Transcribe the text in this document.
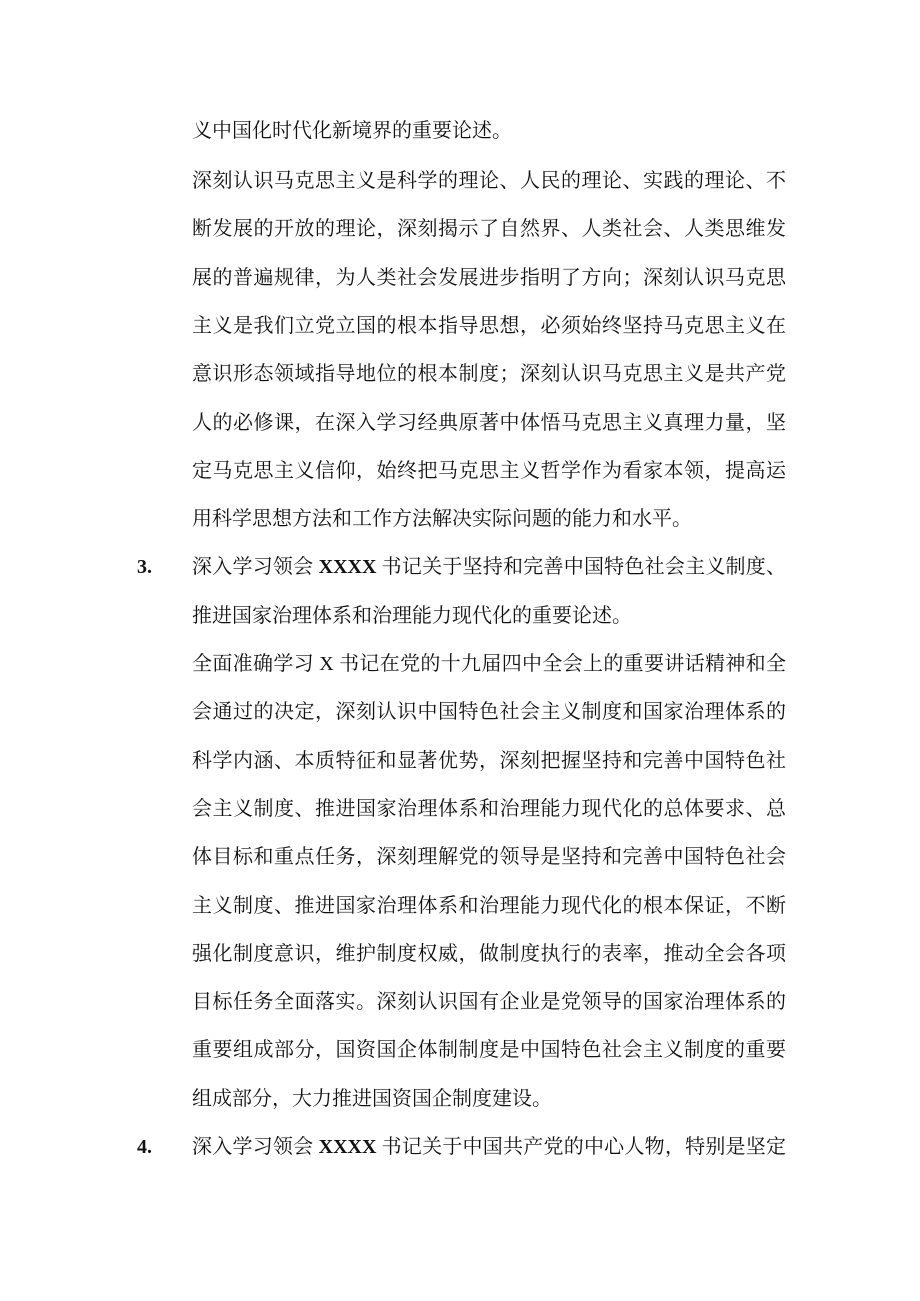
义中国化时代化新境界的重要论述。
深刻认识马克思主义是科学的理论、人民的理论、实践的理论、不
断发展的开放的理论，深刻揭示了自然界、人类社会、人类思维发
展的普遍规律，为人类社会发展进步指明了方向；深刻认识马克思
主义是我们立党立国的根本指导思想，必须始终坚持马克思主义在
意识形态领域指导地位的根本制度；深刻认识马克思主义是共产党
人的必修课，在深入学习经典原著中体悟马克思主义真理力量，坚
定马克思主义信仰，始终把马克思主义哲学作为看家本领，提高运
用科学思想方法和工作方法解决实际问题的能力和水平。
3. 深入学习领会 XXXX 书记关于坚持和完善中国特色社会主义制度、
推进国家治理体系和治理能力现代化的重要论述。
全面准确学习 X 书记在党的十九届四中全会上的重要讲话精神和全
会通过的决定，深刻认识中国特色社会主义制度和国家治理体系的
科学内涵、本质特征和显著优势，深刻把握坚持和完善中国特色社
会主义制度、推进国家治理体系和治理能力现代化的总体要求、总
体目标和重点任务，深刻理解党的领导是坚持和完善中国特色社会
主义制度、推进国家治理体系和治理能力现代化的根本保证，不断
强化制度意识，维护制度权威，做制度执行的表率，推动全会各项
目标任务全面落实。深刻认识国有企业是党领导的国家治理体系的
重要组成部分，国资国企体制制度是中国特色社会主义制度的重要
组成部分，大力推进国资国企制度建设。
4. 深入学习领会 XXXX 书记关于中国共产党的中心人物，特别是坚定
